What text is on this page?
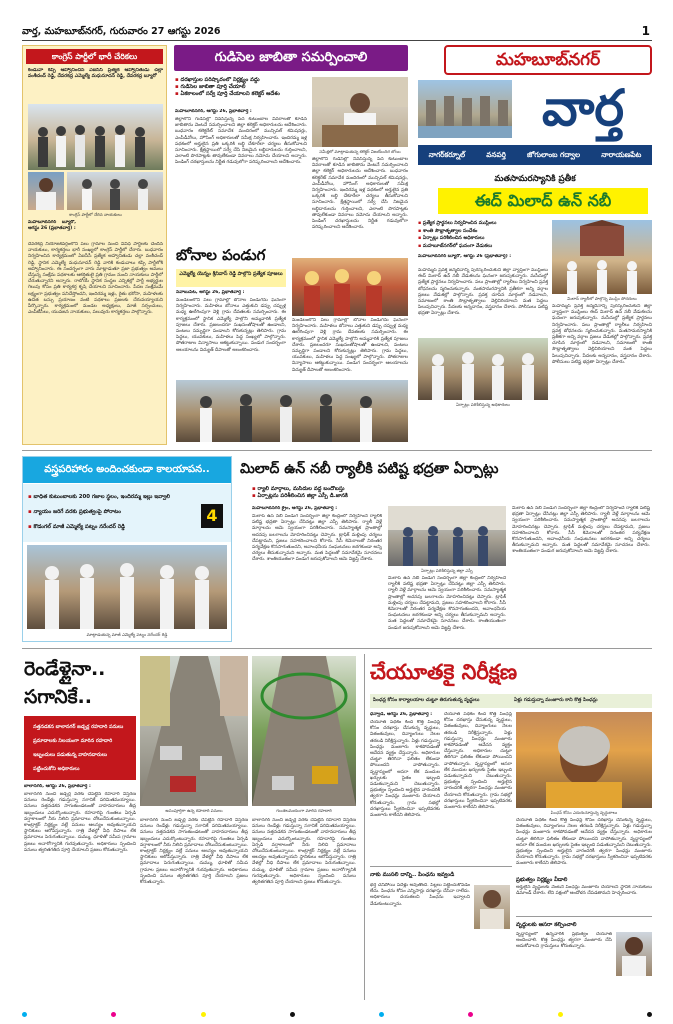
వార్త, మహబూబ్‌నగర్, గురువారం 27 ఆగస్టు 2026	1
కాంగ్రెస్ పార్టీలో భారీ చేరికలు
కండువా కప్పి ఆహ్వానించిన ఏఐసీసీ ప్రత్యేక ఆహ్వానితుడు చల్లా వంశీచంద్ రెడ్డి, దేవరకద్ర ఎమ్మెల్యే మధుసూదన్ రెడ్డి, దేవరకద్ర బ్యూరో
కాంగ్రెస్ పార్టీలో చేరిన నాయకులు
మహబూబ్‌నగర్ బ్యూరో, ఆగస్టు 26 (ప్రభాతవార్త) :
దేవరకద్ర నియోజకవర్గంలోని పలు గ్రామాల నుంచి వివిధ పార్టీలకు చెందిన నాయకులు, కార్యకర్తలు భారీ సంఖ్యలో కాంగ్రెస్ పార్టీలో చేరారు. బుధవారం నిర్వహించిన కార్యక్రమంలో ఏఐసీసీ ప్రత్యేక ఆహ్వానితుడు చల్లా వంశీచంద్ రెడ్డి, స్థానిక ఎమ్మెల్యే మధుసూదన్ రెడ్డి వారికి కండువాలు కప్పి పార్టీలోకి ఆహ్వానించారు. ఈ సందర్భంగా వారు మాట్లాడుతూ ప్రజా ప్రభుత్వం అమలు చేస్తున్న సంక్షేమ పథకాలకు ఆకర్షితులై ప్రతి గ్రామం నుంచి నాయకులు పార్టీలో చేరుతున్నారని అన్నారు. రాబోయే స్థానిక సంస్థల ఎన్నికల్లో పార్టీ అభ్యర్థుల గెలుపు కోసం ప్రతి కార్యకర్త కృషి చేయాలని సూచించారు. పేదల సంక్షేమమే లక్ష్యంగా ప్రభుత్వం పనిచేస్తోందని, ఇందిరమ్మ ఇళ్లు, రైతు భరోసా, మహిళలకు ఉచిత బస్సు ప్రయాణం వంటి పథకాలు ప్రజలకు చేరువయ్యాయని పేర్కొన్నారు. కార్యక్రమంలో మండల అధ్యక్షులు, మాజీ సర్పంచులు, ఎంపీటీసీలు, యువజన నాయకులు, పలువురు కార్యకర్తలు పాల్గొన్నారు.
గుడిసెల జాబితా సమర్పించాలి
▪ దరఖాస్తుల పరిష్కారంలో నిర్లక్ష్యం వద్దు
▪ గుడిసెల జాబితా పూర్తి చేయాలి
▪ ఏకకాలంలో సర్వే పూర్తి చేయాలని కలెక్టర్ ఆదేశం
సమీక్షలో మాట్లాడుతున్న కలెక్టర్ విజయేందిర బోయి
మహబూబ్‌నగర్, ఆగస్టు 26, ప్రభాతవార్త :
జిల్లాలోని గుడిసెల్లో నివసిస్తున్న పేద కుటుంబాల వివరాలతో కూడిన జాబితాను వెంటనే సమర్పించాలని జిల్లా కలెక్టర్ అధికారులను ఆదేశించారు. బుధవారం కలెక్టరేట్ సమావేశ మందిరంలో మున్సిపల్ కమిషనర్లు, ఎంపీడీవోలు, హౌసింగ్ అధికారులతో సమీక్ష నిర్వహించారు. ఇందిరమ్మ ఇళ్ల పథకంలో అర్హులైన ప్రతి ఒక్కరికి లబ్ధి చేకూరేలా చర్యలు తీసుకోవాలని సూచించారు. క్షేత్రస్థాయిలో సర్వే చేసి నిజమైన లబ్ధిదారులను గుర్తించాలని, ఎలాంటి పొరపాట్లకు తావులేకుండా వివరాలు నమోదు చేయాలని అన్నారు. పెండింగ్ దరఖాస్తులను నిర్ణీత గడువులోగా పరిష్కరించాలని ఆదేశించారు.
జిల్లాలోని గుడిసెల్లో నివసిస్తున్న పేద కుటుంబాల వివరాలతో కూడిన జాబితాను వెంటనే సమర్పించాలని జిల్లా కలెక్టర్ అధికారులను ఆదేశించారు. బుధవారం కలెక్టరేట్ సమావేశ మందిరంలో మున్సిపల్ కమిషనర్లు, ఎంపీడీవోలు, హౌసింగ్ అధికారులతో సమీక్ష నిర్వహించారు. ఇందిరమ్మ ఇళ్ల పథకంలో అర్హులైన ప్రతి ఒక్కరికి లబ్ధి చేకూరేలా చర్యలు తీసుకోవాలని సూచించారు. క్షేత్రస్థాయిలో సర్వే చేసి నిజమైన లబ్ధిదారులను గుర్తించాలని, ఎలాంటి పొరపాట్లకు తావులేకుండా వివరాలు నమోదు చేయాలని అన్నారు. పెండింగ్ దరఖాస్తులను నిర్ణీత గడువులోగా పరిష్కరించాలని ఆదేశించారు.
బోనాల పండుగ
ఎమ్మెల్యే యెన్నం శ్రీనివాస్ రెడ్డి పాల్గొని ప్రత్యేక పూజలు
నవాబుపేట, ఆగస్టు 26, ప్రభాతవార్త :
మండలంలోని పలు గ్రామాల్లో బోనాల పండుగను ఘనంగా నిర్వహించారు. మహిళలు బోనాలు ఎత్తుకుని డప్పు చప్పుళ్ల మధ్య ఊరేగింపుగా వెళ్లి గ్రామ దేవతలకు సమర్పించారు. ఈ కార్యక్రమంలో స్థానిక ఎమ్మెల్యే పాల్గొని అమ్మవారికి ప్రత్యేక పూజలు చేశారు. ప్రజలందరూ సుఖసంతోషాలతో ఉండాలని, పంటలు సమృద్ధిగా పండాలని కోరుకున్నట్లు తెలిపారు. గ్రామ పెద్దలు, యువకులు, మహిళలు పెద్ద సంఖ్యలో పాల్గొన్నారు. పోతరాజుల విన్యాసాలు ఆకట్టుకున్నాయి. పండుగ సందర్భంగా ఆలయాలను విద్యుత్ దీపాలతో అలంకరించారు.
మండలంలోని పలు గ్రామాల్లో బోనాల పండుగను ఘనంగా నిర్వహించారు. మహిళలు బోనాలు ఎత్తుకుని డప్పు చప్పుళ్ల మధ్య ఊరేగింపుగా వెళ్లి గ్రామ దేవతలకు సమర్పించారు. ఈ కార్యక్రమంలో స్థానిక ఎమ్మెల్యే పాల్గొని అమ్మవారికి ప్రత్యేక పూజలు చేశారు. ప్రజలందరూ సుఖసంతోషాలతో ఉండాలని, పంటలు సమృద్ధిగా పండాలని కోరుకున్నట్లు తెలిపారు. గ్రామ పెద్దలు, యువకులు, మహిళలు పెద్ద సంఖ్యలో పాల్గొన్నారు. పోతరాజుల విన్యాసాలు ఆకట్టుకున్నాయి. పండుగ సందర్భంగా ఆలయాలను విద్యుత్ దీపాలతో అలంకరించారు.
మహబూబ్‌నగర్
వార్త
నాగర్‌కర్నూల్	వనపర్తి	జోగులాంబ గద్వాల	నారాయణపేట
మతసామరస్యానికి ప్రతీక
ఈద్ మిలాద్ ఉన్ నబీ
▪ ప్రత్యేక ప్రార్థనలు నిర్వహించిన ముస్లింలు
▪ శాంతి సౌభ్రాతృత్వాల సందేశం
▪ ఏర్పాట్లు పరిశీలించిన అధికారులు
▪ మహబూబ్‌నగర్‌లో ఘనంగా వేడుకలు
మిలాద్ ర్యాలీలో పాల్గొన్న ముస్లిం సోదరులు
మహబూబ్‌నగర్ బ్యూరో, ఆగస్టు 26 (ప్రభాతవార్త) :
మహమ్మద్ ప్రవక్త జన్మదినాన్ని పురస్కరించుకుని జిల్లా వ్యాప్తంగా ముస్లింలు ఈద్ మిలాద్ ఉన్ నబీ వేడుకలను ఘనంగా జరుపుకున్నారు. మసీదుల్లో ప్రత్యేక ప్రార్థనలు నిర్వహించారు. పలు ప్రాంతాల్లో ర్యాలీలు నిర్వహించి ప్రవక్త బోధనలను స్మరించుకున్నారు. మతసామరస్యానికి ప్రతీకగా అన్ని వర్గాల ప్రజలు వేడుకల్లో పాల్గొన్నారు. ప్రవక్త చూపిన మార్గంలో నడవాలని, సమాజంలో శాంతి సౌభ్రాతృత్వాలు వెల్లివిరియాలని మత పెద్దలు పిలుపునిచ్చారు. పేదలకు అన్నదానం, వస్త్రదానం చేశారు. పోలీసులు పటిష్ట భద్రతా ఏర్పాట్లు చేశారు.
ఏర్పాట్లు పరిశీలిస్తున్న అధికారులు
మహమ్మద్ ప్రవక్త జన్మదినాన్ని పురస్కరించుకుని జిల్లా వ్యాప్తంగా ముస్లింలు ఈద్ మిలాద్ ఉన్ నబీ వేడుకలను ఘనంగా జరుపుకున్నారు. మసీదుల్లో ప్రత్యేక ప్రార్థనలు నిర్వహించారు. పలు ప్రాంతాల్లో ర్యాలీలు నిర్వహించి ప్రవక్త బోధనలను స్మరించుకున్నారు. మతసామరస్యానికి ప్రతీకగా అన్ని వర్గాల ప్రజలు వేడుకల్లో పాల్గొన్నారు. ప్రవక్త చూపిన మార్గంలో నడవాలని, సమాజంలో శాంతి సౌభ్రాతృత్వాలు వెల్లివిరియాలని మత పెద్దలు పిలుపునిచ్చారు. పేదలకు అన్నదానం, వస్త్రదానం చేశారు. పోలీసులు పటిష్ట భద్రతా ఏర్పాట్లు చేశారు.
వస్త్రపరిహారం అందించకుండా కాలయాపన..
▪ బాధిత కుటుంబాలకు 200 గజాల స్థలం, ఇందిరమ్మ ఇల్లు ఇవ్వాలి
▪ న్యాయం జరిగే వరకు ప్రభుత్వంపై పోరాటం
▪ కొడంగల్ మాజీ ఎమ్మెల్యే పట్నం నరేందర్ రెడ్డి
4
మాట్లాడుతున్న మాజీ ఎమ్మెల్యే పట్నం నరేందర్ రెడ్డి
మిలాద్ ఉన్ నబీ ర్యాలీకి పటిష్ట భద్రతా ఏర్పాట్లు
▪ ర్యాలీ మార్గాలు, మసీదుల వద్ద బందోబస్తు
▪ ఏర్పాట్లను పరిశీలించిన జిల్లా ఎస్పీ డి.జానకి
మహబూబ్‌నగర్ క్రైం, ఆగస్టు 26, ప్రభాతవార్త :
మిలాద్ ఉన్ నబీ పండుగ సందర్భంగా జిల్లా కేంద్రంలో నిర్వహించే ర్యాలీకి పటిష్ట భద్రతా ఏర్పాట్లు చేసినట్లు జిల్లా ఎస్పీ తెలిపారు. ర్యాలీ వెళ్లే మార్గాలను ఆమె స్వయంగా పరిశీలించారు. సమస్యాత్మక ప్రాంతాల్లో అదనపు బలగాలను మోహరించినట్లు చెప్పారు. ట్రాఫిక్ మళ్లింపు చర్యలు చేపట్టామని, ప్రజలు సహకరించాలని కోరారు. సీసీ కెమెరాలతో నిరంతర పర్యవేక్షణ కొనసాగుతుందని, అవాంఛనీయ సంఘటనలు జరగకుండా అన్ని చర్యలు తీసుకున్నామని అన్నారు. మత పెద్దలతో సమావేశమై సూచనలు చేశారు. శాంతియుతంగా పండుగ జరుపుకోవాలని ఆమె విజ్ఞప్తి చేశారు.
ఏర్పాట్లు పరిశీలిస్తున్న జిల్లా ఎస్పీ
మిలాద్ ఉన్ నబీ పండుగ సందర్భంగా జిల్లా కేంద్రంలో నిర్వహించే ర్యాలీకి పటిష్ట భద్రతా ఏర్పాట్లు చేసినట్లు జిల్లా ఎస్పీ తెలిపారు. ర్యాలీ వెళ్లే మార్గాలను ఆమె స్వయంగా పరిశీలించారు. సమస్యాత్మక ప్రాంతాల్లో అదనపు బలగాలను మోహరించినట్లు చెప్పారు. ట్రాఫిక్ మళ్లింపు చర్యలు చేపట్టామని, ప్రజలు సహకరించాలని కోరారు. సీసీ కెమెరాలతో నిరంతర పర్యవేక్షణ కొనసాగుతుందని, అవాంఛనీయ సంఘటనలు జరగకుండా అన్ని చర్యలు తీసుకున్నామని అన్నారు. మత పెద్దలతో సమావేశమై సూచనలు చేశారు. శాంతియుతంగా పండుగ జరుపుకోవాలని ఆమె విజ్ఞప్తి చేశారు.
మిలాద్ ఉన్ నబీ పండుగ సందర్భంగా జిల్లా కేంద్రంలో నిర్వహించే ర్యాలీకి పటిష్ట భద్రతా ఏర్పాట్లు చేసినట్లు జిల్లా ఎస్పీ తెలిపారు. ర్యాలీ వెళ్లే మార్గాలను ఆమె స్వయంగా పరిశీలించారు. సమస్యాత్మక ప్రాంతాల్లో అదనపు బలగాలను మోహరించినట్లు చెప్పారు. ట్రాఫిక్ మళ్లింపు చర్యలు చేపట్టామని, ప్రజలు సహకరించాలని కోరారు. సీసీ కెమెరాలతో నిరంతర పర్యవేక్షణ కొనసాగుతుందని, అవాంఛనీయ సంఘటనలు జరగకుండా అన్ని చర్యలు తీసుకున్నామని అన్నారు. మత పెద్దలతో సమావేశమై సూచనలు చేశారు. శాంతియుతంగా పండుగ జరుపుకోవాలని ఆమె విజ్ఞప్తి చేశారు.
రెండేళ్లైనా..
సగానికే..
▪ నత్తనడకన బాలానగర్ జడ్చర్ల రహదారి పనులు
▪ ప్రమాదాలకు నిలయంగా మారిన రహదారి
▪ ఇబ్బందులు పడుతున్న వాహనదారులు
▪ పట్టించుకోని అధికారులు
బాలానగర్, ఆగస్టు 26, ప్రభాతవార్త :
బాలానగర్ నుంచి జడ్చర్ల వరకు చేపట్టిన రహదారి విస్తరణ పనులు రెండేళ్లు గడుస్తున్నా సగానికే పరిమితమయ్యాయి. పనులు నత్తనడకన సాగుతుండటంతో వాహనదారులు తీవ్ర ఇబ్బందులు ఎదుర్కొంటున్నారు. రహదారిపై గుంతలు ఏర్పడి వర్షాకాలంలో నీరు నిలిచి ప్రమాదాలు చోటుచేసుకుంటున్నాయి. కాంట్రాక్టర్ నిర్లక్ష్యం వల్లే పనులు ఆలస్యం అవుతున్నాయని స్థానికులు ఆరోపిస్తున్నారు. రాత్రి వేళల్లో వీధి దీపాలు లేక ప్రమాదాలు పెరుగుతున్నాయి. దుమ్ము, ధూళితో సమీప గ్రామాల ప్రజలు అనారోగ్యానికి గురవుతున్నారు. అధికారులు స్పందించి పనులు త్వరితగతిన పూర్తి చేయాలని ప్రజలు కోరుతున్నారు.
అసంపూర్తిగా ఉన్న రహదారి పనులు	గుంతలమయంగా మారిన రహదారి
బాలానగర్ నుంచి జడ్చర్ల వరకు చేపట్టిన రహదారి విస్తరణ పనులు రెండేళ్లు గడుస్తున్నా సగానికే పరిమితమయ్యాయి. పనులు నత్తనడకన సాగుతుండటంతో వాహనదారులు తీవ్ర ఇబ్బందులు ఎదుర్కొంటున్నారు. రహదారిపై గుంతలు ఏర్పడి వర్షాకాలంలో నీరు నిలిచి ప్రమాదాలు చోటుచేసుకుంటున్నాయి. కాంట్రాక్టర్ నిర్లక్ష్యం వల్లే పనులు ఆలస్యం అవుతున్నాయని స్థానికులు ఆరోపిస్తున్నారు. రాత్రి వేళల్లో వీధి దీపాలు లేక ప్రమాదాలు పెరుగుతున్నాయి. దుమ్ము, ధూళితో సమీప గ్రామాల ప్రజలు అనారోగ్యానికి గురవుతున్నారు. అధికారులు స్పందించి పనులు త్వరితగతిన పూర్తి చేయాలని ప్రజలు కోరుతున్నారు.
బాలానగర్ నుంచి జడ్చర్ల వరకు చేపట్టిన రహదారి విస్తరణ పనులు రెండేళ్లు గడుస్తున్నా సగానికే పరిమితమయ్యాయి. పనులు నత్తనడకన సాగుతుండటంతో వాహనదారులు తీవ్ర ఇబ్బందులు ఎదుర్కొంటున్నారు. రహదారిపై గుంతలు ఏర్పడి వర్షాకాలంలో నీరు నిలిచి ప్రమాదాలు చోటుచేసుకుంటున్నాయి. కాంట్రాక్టర్ నిర్లక్ష్యం వల్లే పనులు ఆలస్యం అవుతున్నాయని స్థానికులు ఆరోపిస్తున్నారు. రాత్రి వేళల్లో వీధి దీపాలు లేక ప్రమాదాలు పెరుగుతున్నాయి. దుమ్ము, ధూళితో సమీప గ్రామాల ప్రజలు అనారోగ్యానికి గురవుతున్నారు. అధికారులు స్పందించి పనులు త్వరితగతిన పూర్తి చేయాలని ప్రజలు కోరుతున్నారు.
చేయూతకై నిరీక్షణ
పింఛన్ల కోసం కార్యాలయాల చుట్టూ తిరుగుతున్న వృద్ధులు	ఏళ్లు గడుస్తున్నా మంజూరు కాని కొత్త పింఛన్లు
ధన్వాడ, ఆగస్టు 26, ప్రభాతవార్త :
చేయూత పథకం కింద కొత్త పింఛన్ల కోసం దరఖాస్తు చేసుకున్న వృద్ధులు, వితంతువులు, దివ్యాంగులు నెలల తరబడి నిరీక్షిస్తున్నారు. ఏళ్లు గడుస్తున్నా పింఛన్లు మంజూరు కాకపోవడంతో ఆవేదన వ్యక్తం చేస్తున్నారు. అధికారుల చుట్టూ తిరిగినా ఫలితం లేకుండా పోయిందని వాపోతున్నారు. వృద్ధాప్యంలో ఆసరా లేక మందుల ఖర్చులకు సైతం ఇబ్బంది పడుతున్నామని చెబుతున్నారు. ప్రభుత్వం స్పందించి అర్హులైన వారందరికీ త్వరగా పింఛన్లు మంజూరు చేయాలని కోరుతున్నారు. గ్రామ సభల్లో దరఖాస్తులు స్వీకరించినా ఇప్పటివరకు మంజూరు కాలేదని తెలిపారు.
చేయూత పథకం కింద కొత్త పింఛన్ల కోసం దరఖాస్తు చేసుకున్న వృద్ధులు, వితంతువులు, దివ్యాంగులు నెలల తరబడి నిరీక్షిస్తున్నారు. ఏళ్లు గడుస్తున్నా పింఛన్లు మంజూరు కాకపోవడంతో ఆవేదన వ్యక్తం చేస్తున్నారు. అధికారుల చుట్టూ తిరిగినా ఫలితం లేకుండా పోయిందని వాపోతున్నారు. వృద్ధాప్యంలో ఆసరా లేక మందుల ఖర్చులకు సైతం ఇబ్బంది పడుతున్నామని చెబుతున్నారు. ప్రభుత్వం స్పందించి అర్హులైన వారందరికీ త్వరగా పింఛన్లు మంజూరు చేయాలని కోరుతున్నారు. గ్రామ సభల్లో దరఖాస్తులు స్వీకరించినా ఇప్పటివరకు మంజూరు కాలేదని తెలిపారు.
పింఛన్ కోసం ఎదురుచూస్తున్న వృద్ధురాలు
చేయూత పథకం కింద కొత్త పింఛన్ల కోసం దరఖాస్తు చేసుకున్న వృద్ధులు, వితంతువులు, దివ్యాంగులు నెలల తరబడి నిరీక్షిస్తున్నారు. ఏళ్లు గడుస్తున్నా పింఛన్లు మంజూరు కాకపోవడంతో ఆవేదన వ్యక్తం చేస్తున్నారు. అధికారుల చుట్టూ తిరిగినా ఫలితం లేకుండా పోయిందని వాపోతున్నారు. వృద్ధాప్యంలో ఆసరా లేక మందుల ఖర్చులకు సైతం ఇబ్బంది పడుతున్నామని చెబుతున్నారు. ప్రభుత్వం స్పందించి అర్హులైన వారందరికీ త్వరగా పింఛన్లు మంజూరు చేయాలని కోరుతున్నారు. గ్రామ సభల్లో దరఖాస్తులు స్వీకరించినా ఇప్పటివరకు మంజూరు కాలేదని తెలిపారు.
ప్రభుత్వం నిర్లక్ష్యం వీడాలి
అర్హులైన వృద్ధులకు వెంటనే పింఛన్లు మంజూరు చేయాలని స్థానిక నాయకులు డిమాండ్ చేశారు. లేని పక్షంలో ఆందోళన చేపడతామని హెచ్చరించారు.
నాకు ముసలి దాన్ని.. పింఛను ఇవ్వండి
భర్త చనిపోయి పదేళ్లు అవుతోంది. పిల్లలు పట్టించుకోవడం లేదు. పింఛను కోసం ఎన్నిసార్లు దరఖాస్తు చేసినా రాలేదు. అధికారులు దయతలచి పింఛను ఇవ్వాలని వేడుకుంటున్నాను.
వృద్ధులకు ఆసరా కల్పించాలి
వృద్ధాప్యంలో ఉన్నవారికి ప్రభుత్వం చేయూత అందించాలి. కొత్త పింఛన్లు త్వరగా మంజూరు చేసి ఆదుకోవాలని గ్రామస్తులు కోరుతున్నారు.
